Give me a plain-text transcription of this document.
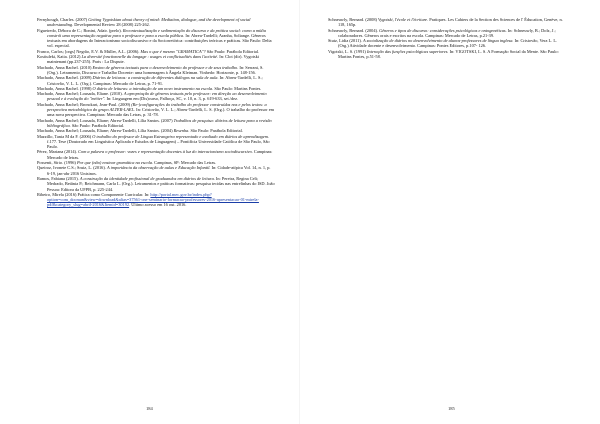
Fernyhough, Charles. (2007) Getting Vygotskian about theory of mind: Mediation, dialogue, and the development of social understanding. Developmental Review 28 (2008) 225-262.

Figueiredo, Débora de C.; Bonini, Adair. (prelo). Recontextualização e sedimentação do discurso e da prática social: como a mídia constrói uma representação negativa para o professor e para a escola pública. In: Abreu-Tardelli; Aranha, Soliange. Gêneros textuais em abordagens do Interacionismo sociodiscursivo e da Sociorretórica: contribuições teóricas e práticas. São Paulo: Delta vol. especial.

Franco, Carlos; [orgs] Negrão, E.V. & Müller, A.L. (2006). Mas o que é mesmo "GRAMATICA"? São Paulo: Parábola Editorial.

Kostiuleki, Katia. (2012) La diversité fonctionnelle du langage : usages et conflictualités dans l'activité. In: Clot (dir). Vygotski maintenant (pp.237-255). Paris : La Dispute.

Machado, Anna Rachel. (2010) Ensino de gêneros textuais para o desenvolvimento do professor e de seus trabalho. In: Serrani, S. (Org.). Letramento, Discurso e Trabalho Docente: uma homenagem à Ângela Kleiman. Vinhedo: Horizonte, p. 148-156.

Machado, Anna Rachel. (2009) Diários de leituras: a construção de diferentes diálogos na sala de aula. In: Abreu-Tardelli, L. S.; Cristovão, V. L. L. (Org.). Campinas: Mercado de Letras, p. 71-91.

Machado, Anna Rachel. (1998) O diário de leituras: a introdução de um novo instrumento na escola. São Paulo: Martins Fontes.

Machado, Anna Rachel; Lousada, Eliane. (2010). A apropriação de gêneros textuais pelo professor: em direção ao desenvolvimento pessoal e à evolução do "métier". In: Linguagem em (Dis)curso, Palhoça, SC, v. 10, n. 3, p. 619-633, set./dez.

Machado, Anna Rachel; Bronckart, Jean-Paul. (2009) (Re-)configurações do trabalho do professor construídas nos e pelos textos: a perspectiva metodológica do grupo ALTER-LAEL. In: Cristovão, V. L. L.; Abreu-Tardelli, L. S. (Org.). O trabalho do professor em uma nova perspectiva. Campinas: Mercado das Letras, p. 31-78.

Machado, Anna Rachel; Lousada, Eliane; Abreu-Tardelli, Lília Santos. (2007) Trabalhos de pesquisa: diários de leitura para a revisão bibliográfica. São Paulo: Parábola Editorial.

Machado, Anna Rachel; Lousada, Eliane; Abreu-Tardelli, Lília Santos. (2004) Resenha. São Paulo: Parábola Editorial.

Mazzillo, Tania M da F. (2006) O trabalho do professor de Língua Estrangeira representado e avaliado em diários de aprendizagem. f.177. Tese (Doutorado em Linguística Aplicada e Estudos de Linguagem) – Pontifícia Universidade Católica de São Paulo, São Paulo.

Pérez, Mariana (2014). Com a palavra o professor: vozes e representação docentes à luz do interacionismo sociodiscursivo. Campinas: Mercado de letras.

Possenti, Sírio. (1996) Por que (não) ensinar gramática na escola. Campinas, SP: Mercado das Letras.

Queiroz, Ivonete C.S.; Sruiz, L. (2016). A importância da observação de aulas e Educação Infantil. In: Cidade-atípica Vol. 14, n. 1, p. 6-19, jan-abr 2016 Unisinos.

Ramos, Fabiana (2015). A construção da identidade profissional de graduandos em diários de leitura. In: Pereira, Regina Celi; Medrado, Betânia P.; Reichmann, Carla L. (Org.). Letramentos e práticas formativas: pesquisa tecidas nas entrelinhas do ISD. João Pessoa: Editora da UFPB, p. 225-244.

Ribeiro, Mirela (2016) Prática como Componente Curricular. In: http://portal.mec.gov.br/index.php?option=com_docman&view=download&alias=37561-cne-seminario-formacao-professores-2016-apresentacao-01-mirela-pdf&category_slug=abril-2016&Itemid=30192. Último acesso em 16 out. 2016.

184

Schneuwly, Bernard. (2008) Vygotski, l'école et l'écriture. Pratiques. Les Cahiers de la Section des Sciences de l' Éducation, Genève, n. 118, 165p.

Schneuwly, Bernard. (2004). Gêneros e tipos de discurso: considerações psicológicas e ontogenéticas. In: Schneuwly, B.; Dolz, J.; colaboradores. Gêneros orais e escritos na escola. Campinas: Mercado de Letras, p.21-39.

Stutz, Lidia (2011). A socialização de diários no desenvolvimento de alunos-professores de língua inglesa. In: Cristovão, Vera L. L. (Org.) Atividade docente e desenvolvimento. Campinas: Pontes Editores, p.107- 126.

Vigotski, L. S. (1991) Interação das funções psicológicas superiores. In: VIGOTSKI, L. S. A Formação Social da Mente. São Paulo: Martins Fontes, p.51-58.

185
